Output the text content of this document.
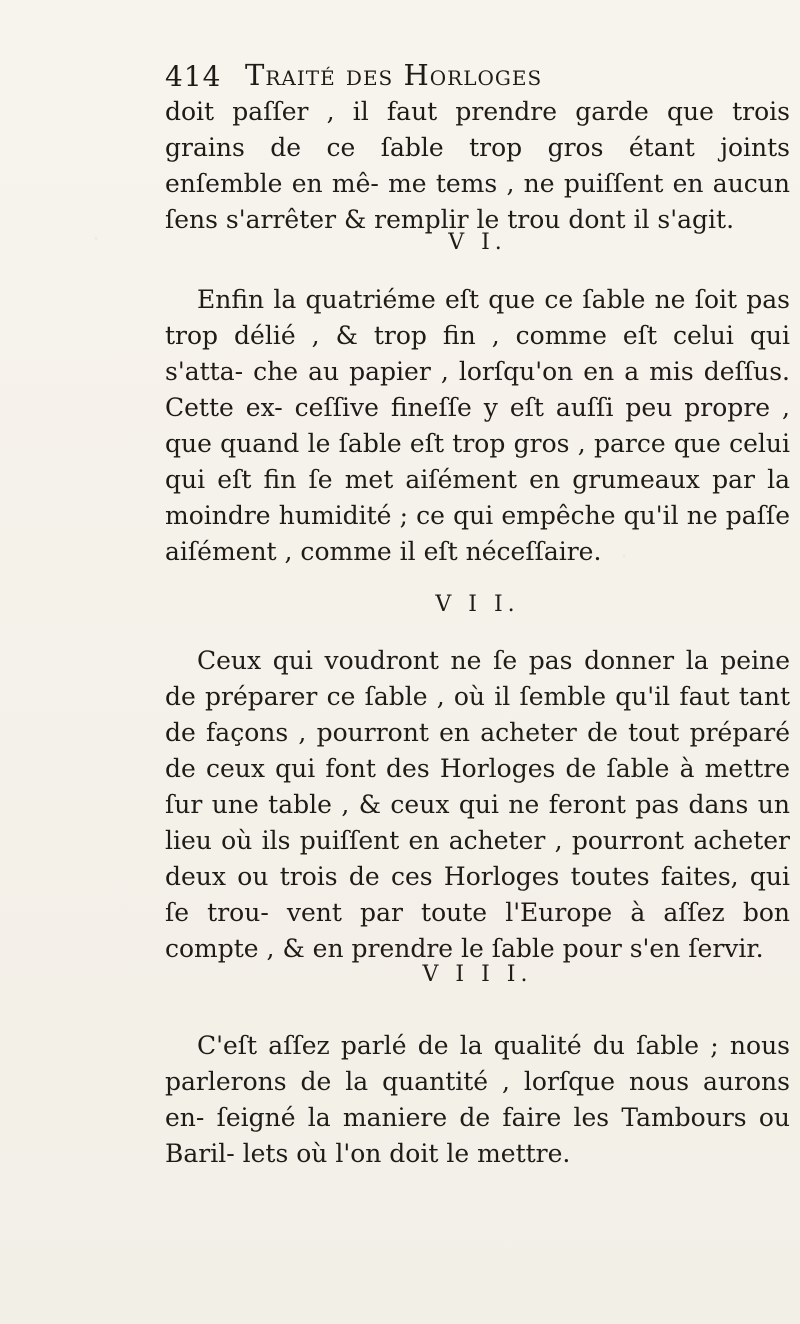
414 Traité des Horloges
doit paſſer , il faut prendre garde que trois grains de ce ſable trop gros étant joints enſemble en mê- me tems , ne puiſſent en aucun ſens s'arrêter & remplir le trou dont il s'agit.
V I.
Enfin la quatriéme eſt que ce ſable ne ſoit pas trop délié , & trop fin , comme eſt celui qui s'atta- che au papier , lorſqu'on en a mis deſſus. Cette ex- ceſſive fineſſe y eſt auſſi peu propre , que quand le ſable eſt trop gros , parce que celui qui eſt fin ſe met aiſément en grumeaux par la moindre humidité ; ce qui empêche qu'il ne paſſe aiſément , comme il eſt néceſſaire.
V I I.
Ceux qui voudront ne ſe pas donner la peine de préparer ce ſable , où il ſemble qu'il faut tant de façons , pourront en acheter de tout préparé de ceux qui font des Horloges de ſable à mettre ſur une table , & ceux qui ne feront pas dans un lieu où ils puiſſent en acheter , pourront acheter deux ou trois de ces Horloges toutes faites, qui ſe trou- vent par toute l'Europe à aſſez bon compte , & en prendre le ſable pour s'en ſervir.
V I I I.
C'eſt aſſez parlé de la qualité du ſable ; nous parlerons de la quantité , lorſque nous aurons en- ſeigné la maniere de faire les Tambours ou Baril- lets où l'on doit le mettre.
